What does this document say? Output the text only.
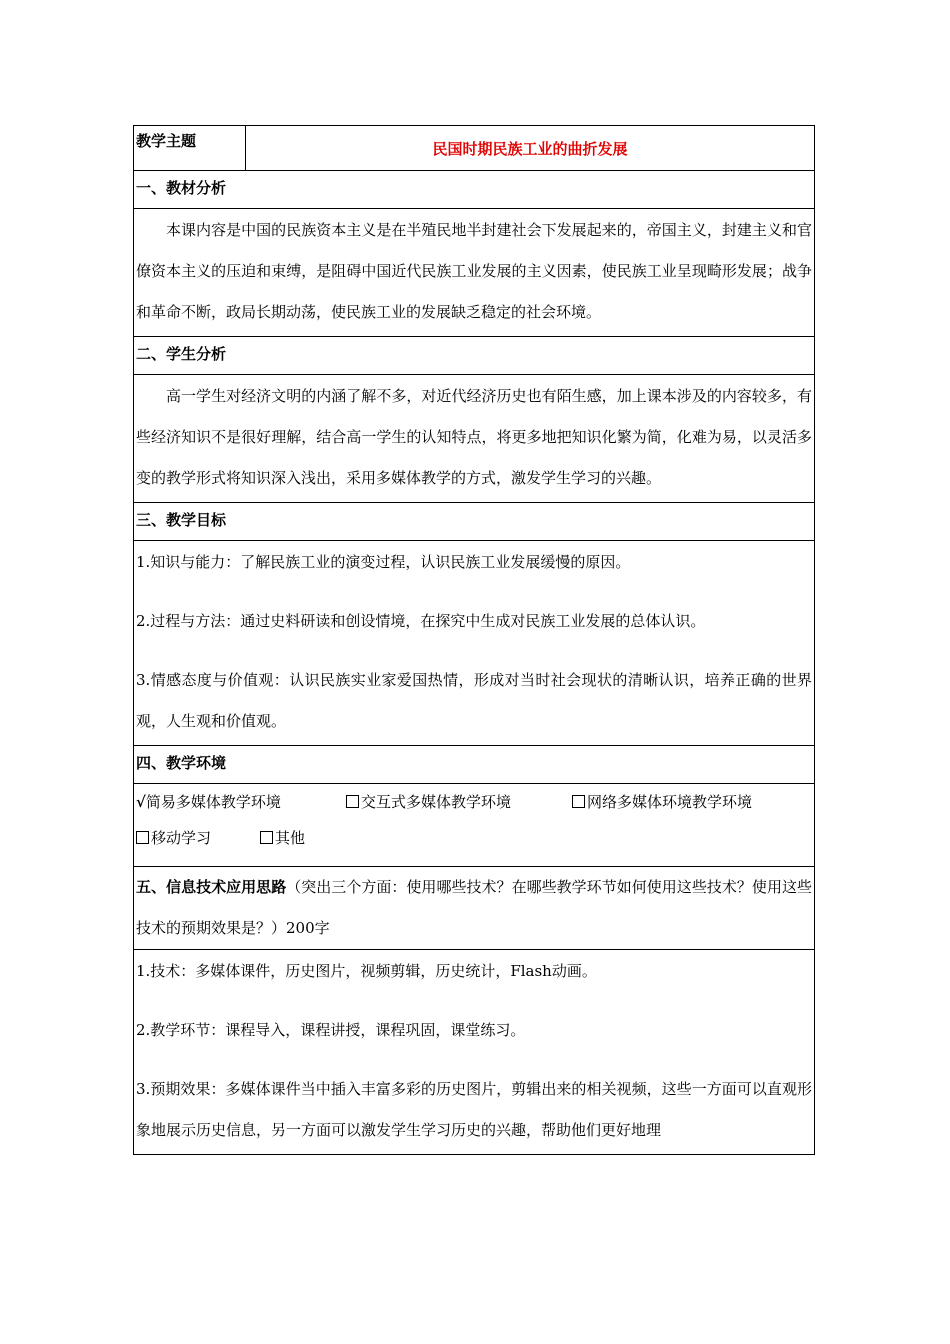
教学主题	民国时期民族工业的曲折发展
一、教材分析

本课内容是中国的民族资本主义是在半殖民地半封建社会下发展起来的，帝国主义，封建主义和官僚资本主义的压迫和束缚，是阻碍中国近代民族工业发展的主义因素，使民族工业呈现畸形发展；战争和革命不断，政局长期动荡，使民族工业的发展缺乏稳定的社会环境。

二、学生分析

高一学生对经济文明的内涵了解不多，对近代经济历史也有陌生感，加上课本涉及的内容较多，有些经济知识不是很好理解，结合高一学生的认知特点，将更多地把知识化繁为简，化难为易，以灵活多变的教学形式将知识深入浅出，采用多媒体教学的方式，激发学生学习的兴趣。

三、教学目标

1.知识与能力：了解民族工业的演变过程，认识民族工业发展缓慢的原因。

2.过程与方法：通过史料研读和创设情境，在探究中生成对民族工业发展的总体认识。

3.情感态度与价值观：认识民族实业家爱国热情，形成对当时社会现状的清晰认识，培养正确的世界观，人生观和价值观。

四、教学环境

√简易多媒体教学环境	交互式多媒体教学环境	网络多媒体环境教学环境
移动学习	其他

五、信息技术应用思路（突出三个方面：使用哪些技术？在哪些教学环节如何使用这些技术？使用这些技术的预期效果是？）200字

1.技术：多媒体课件，历史图片，视频剪辑，历史统计，Flash动画。

2.教学环节：课程导入，课程讲授，课程巩固，课堂练习。

3.预期效果：多媒体课件当中插入丰富多彩的历史图片，剪辑出来的相关视频，这些一方面可以直观形象地展示历史信息，另一方面可以激发学生学习历史的兴趣，帮助他们更好地理
